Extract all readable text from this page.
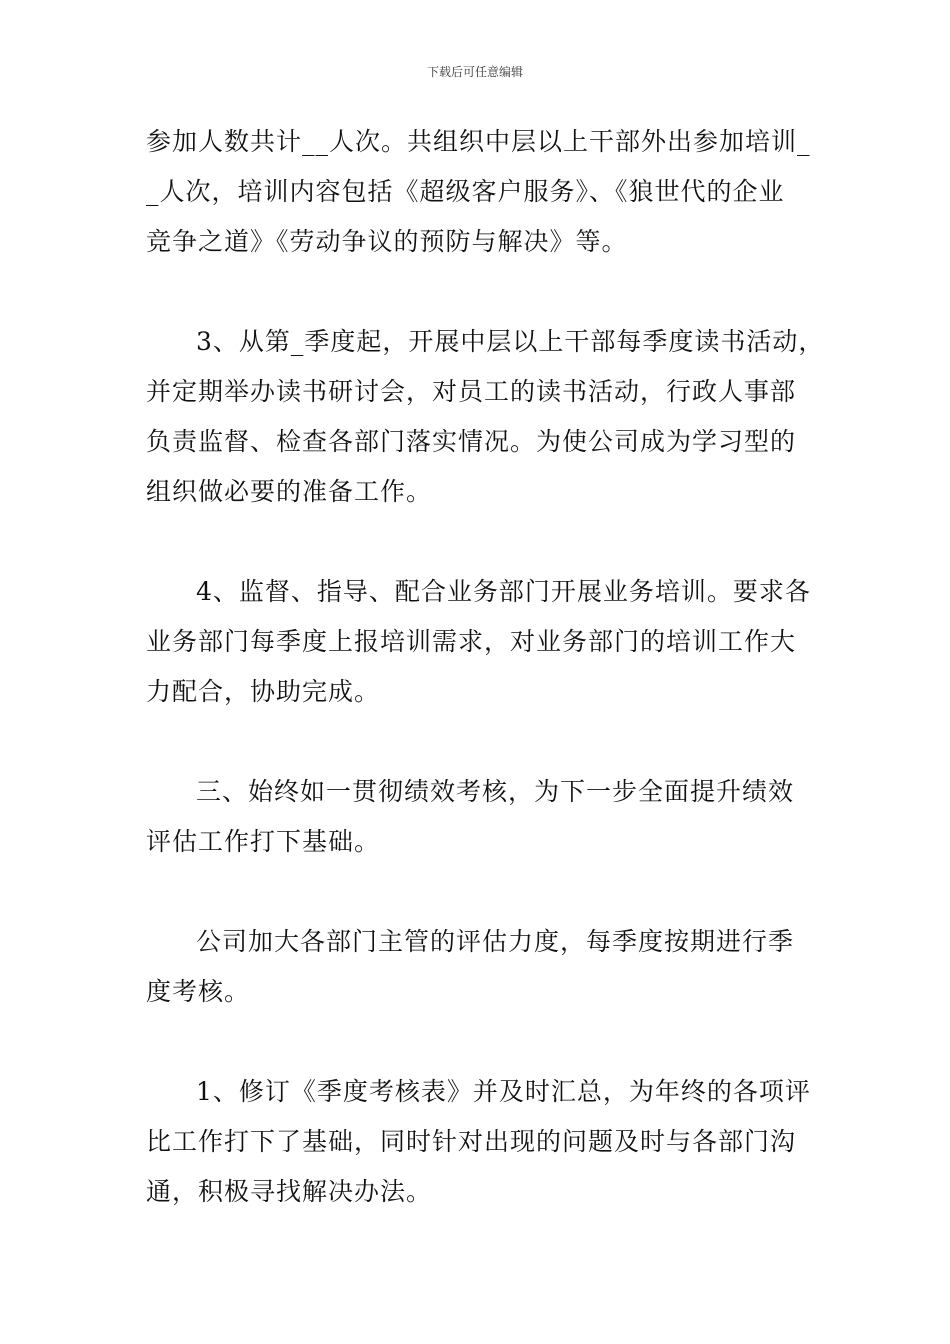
下载后可任意编辑
参加人数共计__人次。共组织中层以上干部外出参加培训_
_人次，培训内容包括《超级客户服务》、《狼世代的企业
竞争之道》《劳动争议的预防与解决》等。
3、从第_季度起，开展中层以上干部每季度读书活动，
并定期举办读书研讨会，对员工的读书活动，行政人事部
负责监督、检查各部门落实情况。为使公司成为学习型的
组织做必要的准备工作。
4、监督、指导、配合业务部门开展业务培训。要求各
业务部门每季度上报培训需求，对业务部门的培训工作大
力配合，协助完成。
三、始终如一贯彻绩效考核，为下一步全面提升绩效
评估工作打下基础。
公司加大各部门主管的评估力度，每季度按期进行季
度考核。
1、修订《季度考核表》并及时汇总，为年终的各项评
比工作打下了基础，同时针对出现的问题及时与各部门沟
通，积极寻找解决办法。
